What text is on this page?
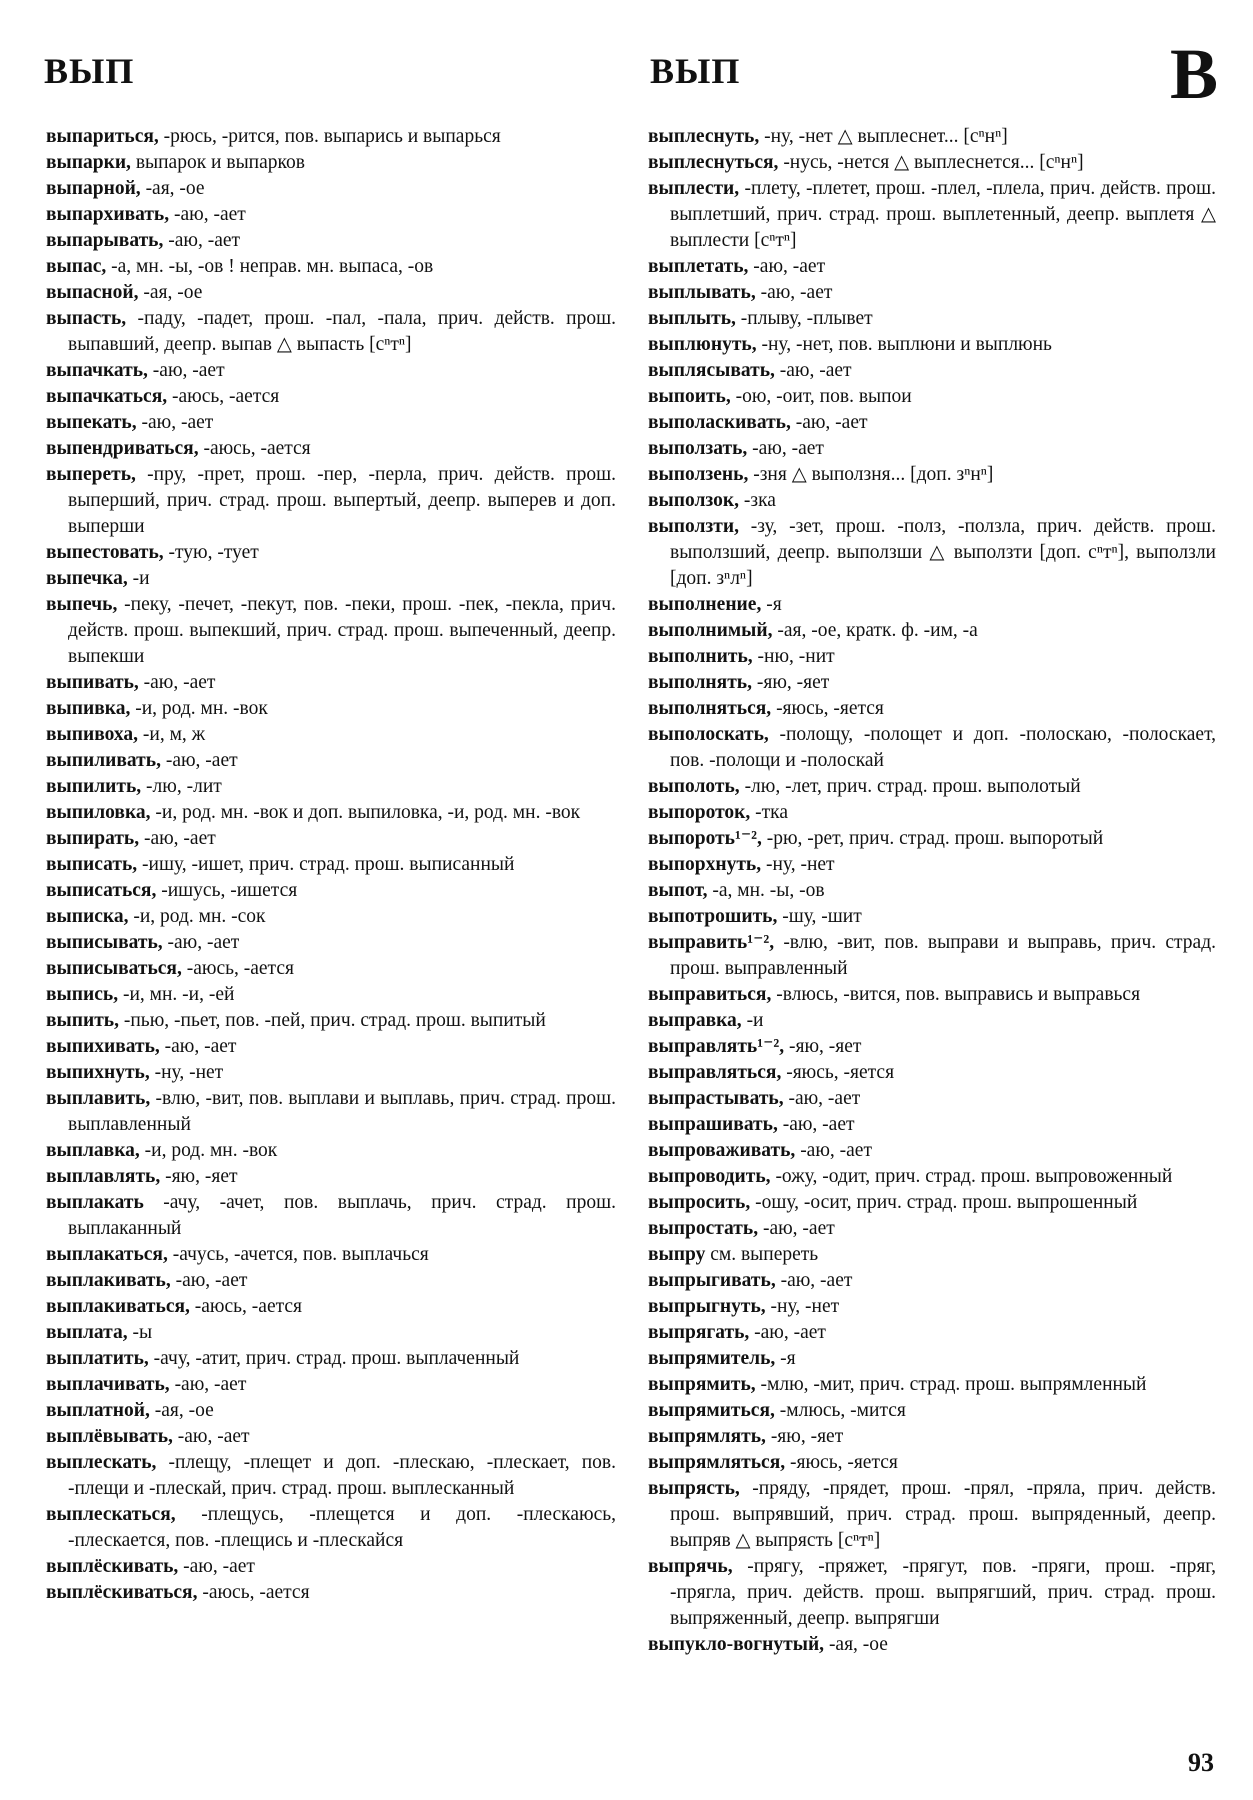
ВЫП	ВЫП	В

выпариться, -рюсь, -рится, пов. выпарись и выпарься

выпарки, выпарок и выпарков

выпарной, -ая, -ое

выпархивать, -аю, -ает

выпарывать, -аю, -ает

выпас, -а, мн. -ы, -ов ! неправ. мн. выпаса, -ов

выпасной, -ая, -ое

выпасть, -паду, -падет, прош. -пал, -пала, прич. действ. прош. выпавший, деепр. выпав △ выпасть [сⁿтⁿ]

выпачкать, -аю, -ает

выпачкаться, -аюсь, -ается

выпекать, -аю, -ает

выпендриваться, -аюсь, -ается

выпереть, -пру, -прет, прош. -пер, -перла, прич. действ. прош. выперший, прич. страд. прош. выпертый, деепр. выперев и доп. выперши

выпестовать, -тую, -тует

выпечка, -и

выпечь, -пеку, -печет, -пекут, пов. -пеки, прош. -пек, -пекла, прич. действ. прош. выпекший, прич. страд. прош. выпеченный, деепр. выпекши

выпивать, -аю, -ает

выпивка, -и, род. мн. -вок

выпивоха, -и, м, ж

выпиливать, -аю, -ает

выпилить, -лю, -лит

выпиловка, -и, род. мн. -вок и доп. выпиловка, -и, род. мн. -вок

выпирать, -аю, -ает

выписать, -ишу, -ишет, прич. страд. прош. выписанный

выписаться, -ишусь, -ишется

выписка, -и, род. мн. -сок

выписывать, -аю, -ает

выписываться, -аюсь, -ается

выпись, -и, мн. -и, -ей

выпить, -пью, -пьет, пов. -пей, прич. страд. прош. выпитый

выпихивать, -аю, -ает

выпихнуть, -ну, -нет

выплавить, -влю, -вит, пов. выплави и выплавь, прич. страд. прош. выплавленный

выплавка, -и, род. мн. -вок

выплавлять, -яю, -яет

выплакать -ачу, -ачет, пов. выплачь, прич. страд. прош. выплаканный

выплакаться, -ачусь, -ачется, пов. выплачься

выплакивать, -аю, -ает

выплакиваться, -аюсь, -ается

выплата, -ы

выплатить, -ачу, -атит, прич. страд. прош. выплаченный

выплачивать, -аю, -ает

выплатной, -ая, -ое

выплёвывать, -аю, -ает

выплескать, -плещу, -плещет и доп. -плескаю, -плескает, пов. -плещи и -плескай, прич. страд. прош. выплесканный

выплескаться, -плещусь, -плещется и доп. -плескаюсь, -плескается, пов. -плещись и -плескайся

выплёскивать, -аю, -ает

выплёскиваться, -аюсь, -ается

выплеснуть, -ну, -нет △ выплеснет... [сⁿнⁿ]

выплеснуться, -нусь, -нется △ выплеснется... [сⁿнⁿ]

выплести, -плету, -плетет, прош. -плел, -плела, прич. действ. прош. выплетший, прич. страд. прош. выплетенный, деепр. выплетя △ выплести [сⁿтⁿ]

выплетать, -аю, -ает

выплывать, -аю, -ает

выплыть, -плыву, -плывет

выплюнуть, -ну, -нет, пов. выплюни и выплюнь

выплясывать, -аю, -ает

выпоить, -ою, -оит, пов. выпои

выполаскивать, -аю, -ает

выползать, -аю, -ает

выползень, -зня △ выползня... [доп. зⁿнⁿ]

выползок, -зка

выползти, -зу, -зет, прош. -полз, -ползла, прич. действ. прош. выползший, деепр. выползши △ выползти [доп. сⁿтⁿ], выползли [доп. зⁿлⁿ]

выполнение, -я

выполнимый, -ая, -ое, кратк. ф. -им, -а

выполнить, -ню, -нит

выполнять, -яю, -яет

выполняться, -яюсь, -яется

выполоскать, -полощу, -полощет и доп. -полоскаю, -полоскает, пов. -полощи и -полоскай

выполоть, -лю, -лет, прич. страд. прош. выполотый

выпороток, -тка

выпороть¹⁻², -рю, -рет, прич. страд. прош. выпоротый

выпорхнуть, -ну, -нет

выпот, -а, мн. -ы, -ов

выпотрошить, -шу, -шит

выправить¹⁻², -влю, -вит, пов. выправи и выправь, прич. страд. прош. выправленный

выправиться, -влюсь, -вится, пов. выправись и выправься

выправка, -и

выправлять¹⁻², -яю, -яет

выправляться, -яюсь, -яется

выпрастывать, -аю, -ает

выпрашивать, -аю, -ает

выпроваживать, -аю, -ает

выпроводить, -ожу, -одит, прич. страд. прош. выпровоженный

выпросить, -ошу, -осит, прич. страд. прош. выпрошенный

выпростать, -аю, -ает

выпру см. выпереть

выпрыгивать, -аю, -ает

выпрыгнуть, -ну, -нет

выпрягать, -аю, -ает

выпрямитель, -я

выпрямить, -млю, -мит, прич. страд. прош. выпрямленный

выпрямиться, -млюсь, -мится

выпрямлять, -яю, -яет

выпрямляться, -яюсь, -яется

выпрясть, -пряду, -прядет, прош. -прял, -пряла, прич. действ. прош. выпрявший, прич. страд. прош. выпряденный, деепр. выпряв △ выпрясть [сⁿтⁿ]

выпрячь, -прягу, -пряжет, -прягут, пов. -пряги, прош. -пряг, -прягла, прич. действ. прош. выпрягший, прич. страд. прош. выпряженный, деепр. выпрягши

выпукло-вогнутый, -ая, -ое

93
